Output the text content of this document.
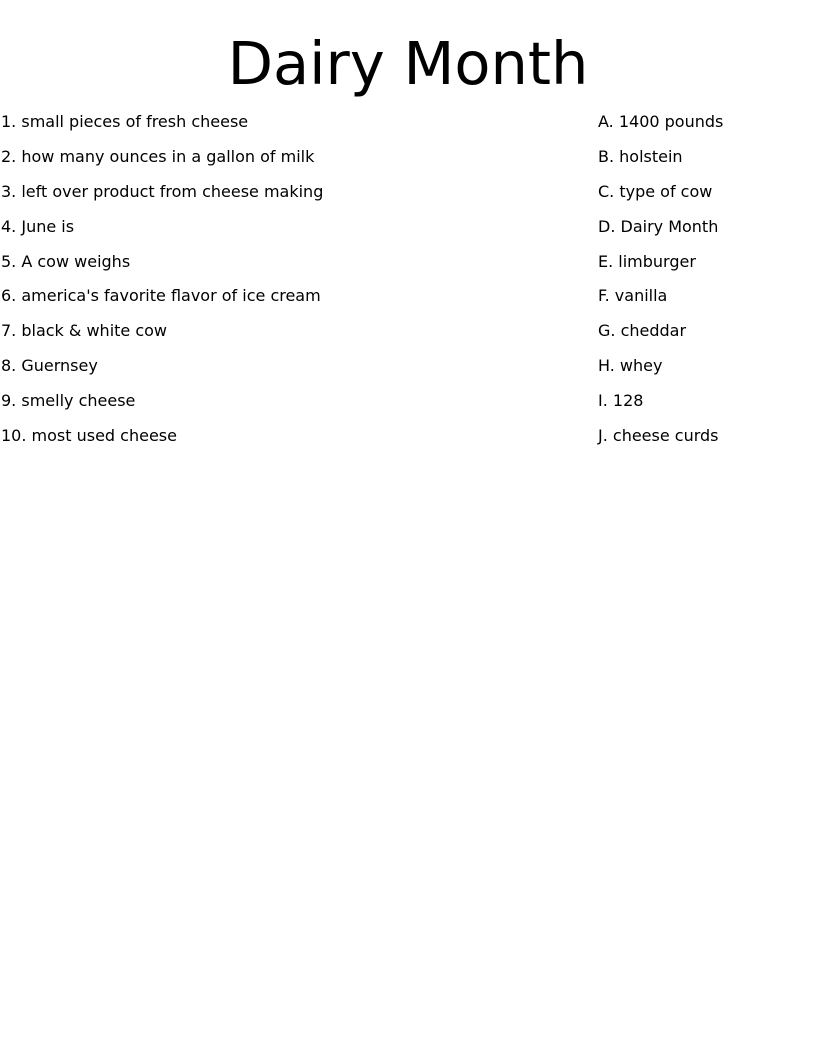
Dairy Month
1. small pieces of fresh cheese
2. how many ounces in a gallon of milk
3. left over product from cheese making
4. June is
5. A cow weighs
6. america's favorite flavor of ice cream
7. black & white cow
8. Guernsey
9. smelly cheese
10. most used cheese
A. 1400 pounds
B. holstein
C. type of cow
D. Dairy Month
E. limburger
F. vanilla
G. cheddar
H. whey
I. 128
J. cheese curds
